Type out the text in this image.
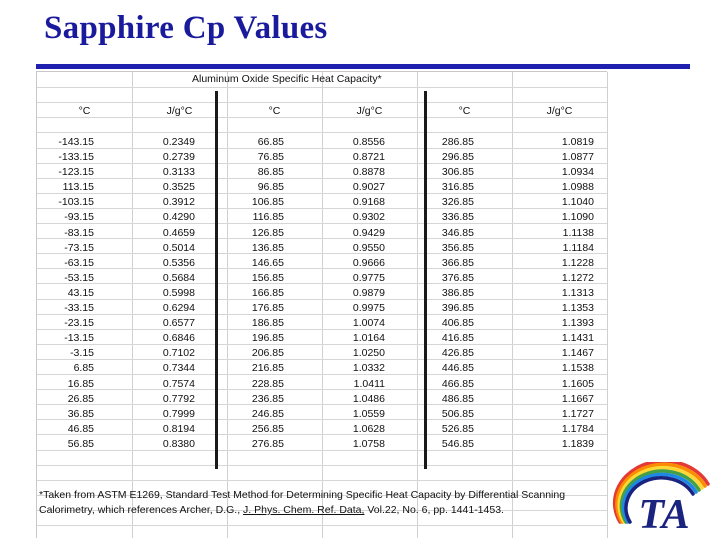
Sapphire Cp Values
Aluminum Oxide Specific Heat Capacity*
°C	J/g°C	°C	J/g°C	°C	J/g°C
-143.15	0.2349	66.85	0.8556	286.85	1.0819
-133.15	0.2739	76.85	0.8721	296.85	1.0877
-123.15	0.3133	86.85	0.8878	306.85	1.0934
113.15	0.3525	96.85	0.9027	316.85	1.0988
-103.15	0.3912	106.85	0.9168	326.85	1.1040
-93.15	0.4290	116.85	0.9302	336.85	1.1090
-83.15	0.4659	126.85	0.9429	346.85	1.1138
-73.15	0.5014	136.85	0.9550	356.85	1.1184
-63.15	0.5356	146.65	0.9666	366.85	1.1228
-53.15	0.5684	156.85	0.9775	376.85	1.1272
43.15	0.5998	166.85	0.9879	386.85	1.1313
-33.15	0.6294	176.85	0.9975	396.85	1.1353
-23.15	0.6577	186.85	1.0074	406.85	1.1393
-13.15	0.6846	196.85	1.0164	416.85	1.1431
-3.15	0.7102	206.85	1.0250	426.85	1.1467
6.85	0.7344	216.85	1.0332	446.85	1.1538
16.85	0.7574	228.85	1.0411	466.85	1.1605
26.85	0.7792	236.85	1.0486	486.85	1.1667
36.85	0.7999	246.85	1.0559	506.85	1.1727
46.85	0.8194	256.85	1.0628	526.85	1.1784
56.85	0.8380	276.85	1.0758	546.85	1.1839
*Taken from ASTM E1269, Standard Test Method for Determining Specific Heat Capacity by Differential Scanning Calorimetry, which references Archer, D.G., J. Phys. Chem. Ref. Data, Vol.22, No. 6, pp. 1441-1453.	TA
